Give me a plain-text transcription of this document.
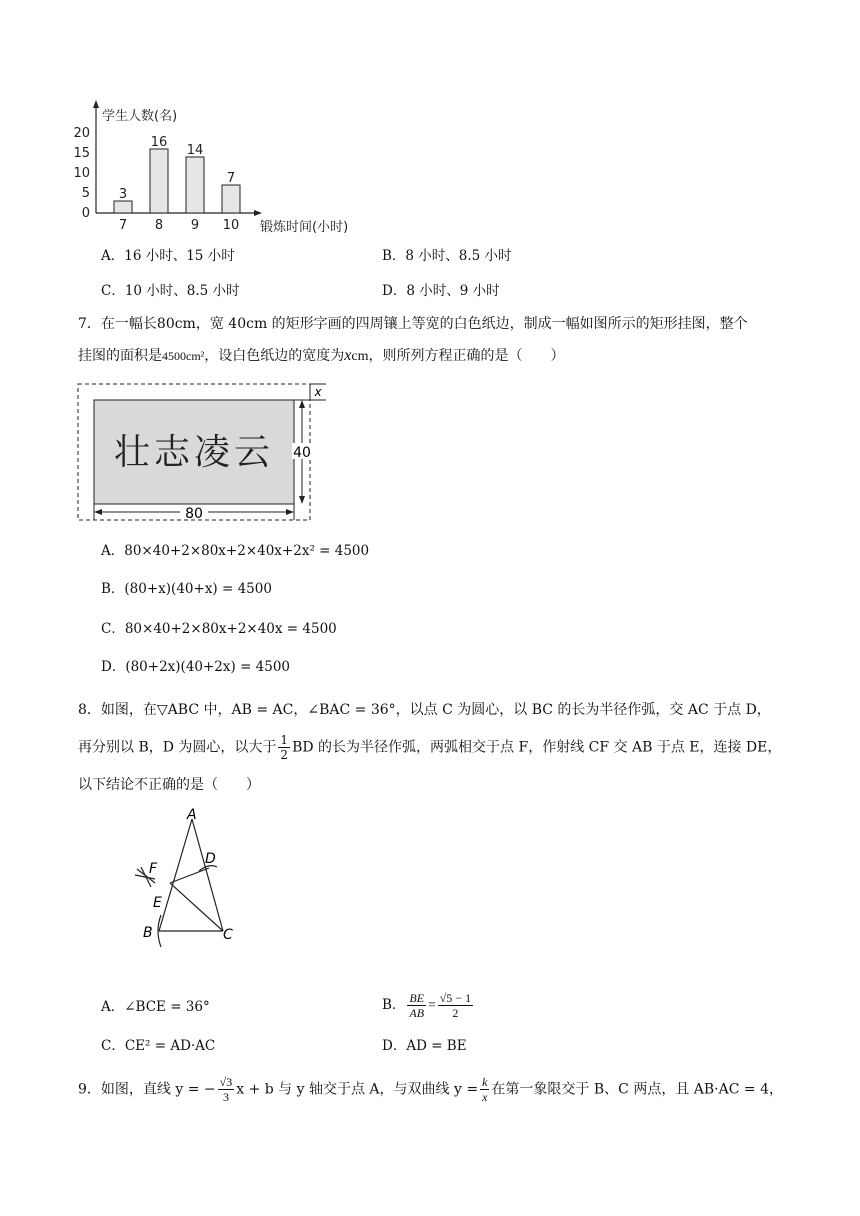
学生人数(名)
锻炼时间(小时)
0
5
10
15
20
3
7
16
8
14
9
7
10
A．16 小时、15 小时	B．8 小时、8.5 小时
C．10 小时、8.5 小时	D．8 小时、9 小时
7．在一幅长80cm，宽 40cm 的矩形字画的四周镶上等宽的白色纸边，制成一幅如图所示的矩形挂图，整个
挂图的面积是4500cm²，设白色纸边的宽度为xcm，则所列方程正确的是（　　）
壮志凌云 40
80
x
A．80×40+2×80x+2×40x+2x² = 4500
B．(80+x)(40+x) = 4500
C．80×40+2×80x+2×40x = 4500
D．(80+2x)(40+2x) = 4500
8．如图，在▽ABC 中，AB = AC，∠BAC = 36°，以点 C 为圆心，以 BC 的长为半径作弧，交 AC 于点 D，
再分别以 B，D 为圆心，以大于 $\frac{1}{2}$ BD 的长为半径作弧，两弧相交于点 F，作射线 CF 交 AB 于点 E，连接 DE，
以下结论不正确的是（　　）
A
B	C
D
E
F
A．∠BCE = 36°	B． $\frac{BE}{AB} = \frac{√5 - 1}{2}$
C．CE² = AD·AC	D．AD = BE
9．如图，直线 y = − $\frac{√3}{3}$ x + b 与 y 轴交于点 A，与双曲线 $y = \frac{k}{x}$ 在第一象限交于 B、C 两点，且 AB·AC = 4，
